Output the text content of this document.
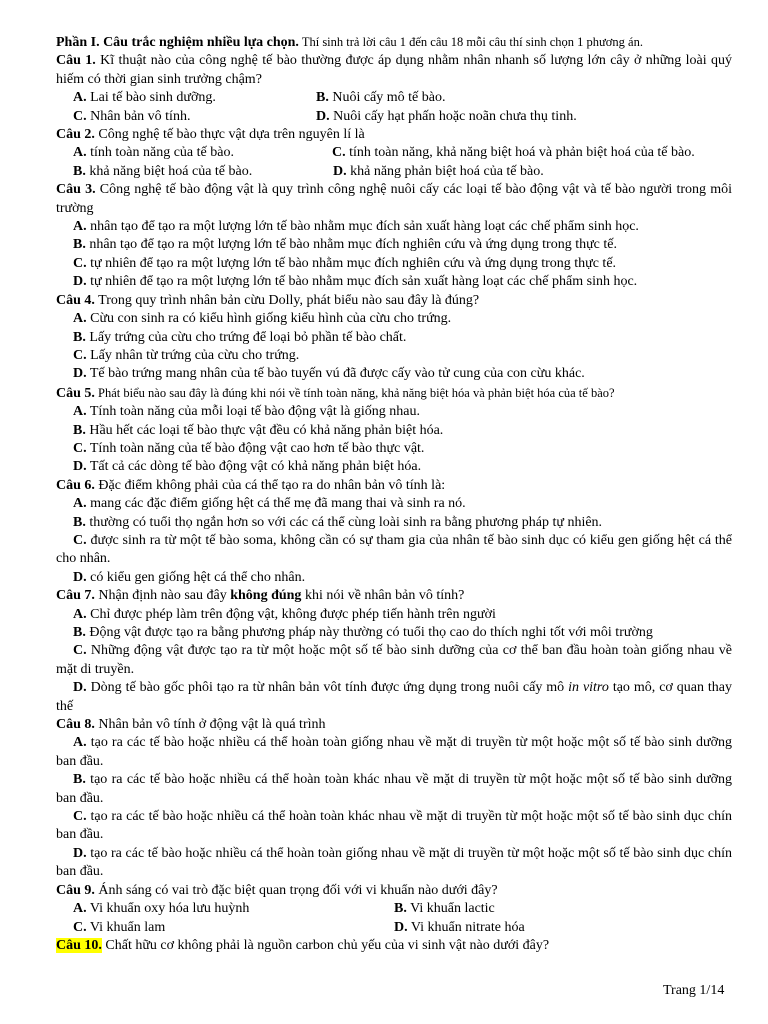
Phần I. Câu trắc nghiệm nhiều lựa chọn. Thí sinh trả lời câu 1 đến câu 18 mỗi câu thí sinh chọn 1 phương án.
Câu 1. Kĩ thuật nào của công nghệ tế bào thường được áp dụng nhằm nhân nhanh số lượng lớn cây ở những loài quý hiếm có thời gian sinh trưởng chậm?
A. Lai tế bào sinh dưỡng.	B. Nuôi cấy mô tế bào.
C. Nhân bản vô tính.	D. Nuôi cấy hạt phấn hoặc noãn chưa thụ tinh.
Câu 2. Công nghệ tế bào thực vật dựa trên nguyên lí là
A. tính toàn năng của tế bào.	C. tính toàn năng, khả năng biệt hoá và phản biệt hoá của tế bào.
B. khả năng biệt hoá của tế bào.	D. khả năng phản biệt hoá của tế bào.
Câu 3. Công nghệ tế bào động vật là quy trình công nghệ nuôi cấy các loại tế bào động vật và tế bào người trong môi trường
A. nhân tạo để tạo ra một lượng lớn tế bào nhằm mục đích sản xuất hàng loạt các chế phẩm sinh học.
B. nhân tạo để tạo ra một lượng lớn tế bào nhằm mục đích nghiên cứu và ứng dụng trong thực tế.
C. tự nhiên để tạo ra một lượng lớn tế bào nhằm mục đích nghiên cứu và ứng dụng trong thực tế.
D. tự nhiên để tạo ra một lượng lớn tế bào nhằm mục đích sản xuất hàng loạt các chế phẩm sinh học.
Câu 4. Trong quy trình nhân bản cừu Dolly, phát biểu nào sau đây là đúng?
A. Cừu con sinh ra có kiểu hình giống kiểu hình của cừu cho trứng.
B. Lấy trứng của cừu cho trứng để loại bỏ phần tế bào chất.
C. Lấy nhân từ trứng của cừu cho trứng.
D. Tế bào trứng mang nhân của tế bào tuyến vú đã được cấy vào tử cung của con cừu khác.
Câu 5. Phát biểu nào sau đây là đúng khi nói về tính toàn năng, khả năng biệt hóa và phản biệt hóa của tế bào?
A. Tính toàn năng của mỗi loại tế bào động vật là giống nhau.
B. Hầu hết các loại tế bào thực vật đều có khả năng phản biệt hóa.
C. Tính toàn năng của tế bào động vật cao hơn tế bào thực vật.
D. Tất cả các dòng tế bào động vật có khả năng phản biệt hóa.
Câu 6. Đặc điểm không phải của cá thể tạo ra do nhân bản vô tính là:
A. mang các đặc điểm giống hệt cá thể mẹ đã mang thai và sinh ra nó.
B. thường có tuổi thọ ngắn hơn so với các cá thể cùng loài sinh ra bằng phương pháp tự nhiên.
C. được sinh ra từ một tế bào soma, không cần có sự tham gia của nhân tế bào sinh dục có kiểu gen giống hệt cá thể cho nhân.
D. có kiểu gen giống hệt cá thể cho nhân.
Câu 7. Nhận định nào sau đây không đúng khi nói về nhân bản vô tính?
A. Chỉ được phép làm trên động vật, không được phép tiến hành trên người
B. Động vật được tạo ra bằng phương pháp này thường có tuổi thọ cao do thích nghi tốt với môi trường
C. Những động vật được tạo ra từ một hoặc một số tế bào sinh dưỡng của cơ thể ban đầu hoàn toàn giống nhau về mặt di truyền.
D. Dòng tế bào gốc phôi tạo ra từ nhân bản vôt tính được ứng dụng trong nuôi cấy mô in vitro tạo mô, cơ quan thay thế
Câu 8. Nhân bản vô tính ở động vật là quá trình
A. tạo ra các tế bào hoặc nhiều cá thể hoàn toàn giống nhau về mặt di truyền từ một hoặc một số tế bào sinh dưỡng ban đầu.
B. tạo ra các tế bào hoặc nhiều cá thể hoàn toàn khác nhau về mặt di truyền từ một hoặc một số tế bào sinh dưỡng ban đầu.
C. tạo ra các tế bào hoặc nhiều cá thể hoàn toàn khác nhau về mặt di truyền từ một hoặc một số tế bào sinh dục chín ban đầu.
D. tạo ra các tế bào hoặc nhiều cá thể hoàn toàn giống nhau về mặt di truyền từ một hoặc một số tế bào sinh dục chín ban đầu.
Câu 9. Ánh sáng có vai trò đặc biệt quan trọng đối với vi khuẩn nào dưới đây?
A. Vi khuẩn oxy hóa lưu huỳnh	B. Vi khuẩn lactic
C. Vi khuẩn lam	D. Vi khuẩn nitrate hóa
Câu 10. Chất hữu cơ không phải là nguồn carbon chủ yếu của vi sinh vật nào dưới đây?
Trang 1/14
